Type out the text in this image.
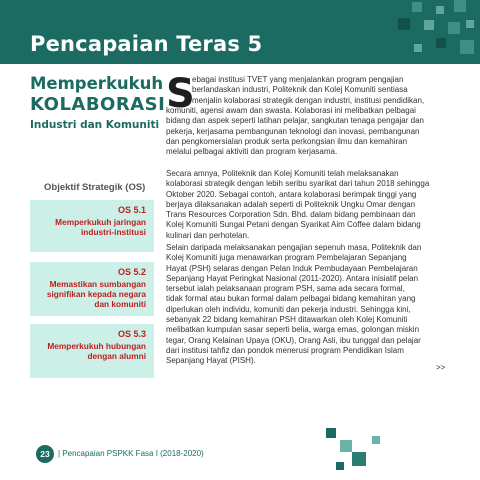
Pencapaian Teras 5
Memperkukuh
KOLABORASI
Industri dan Komuniti
Objektif Strategik (OS)
OS 5.1
Memperkukuh jaringan
industri-institusi
OS 5.2
Memastikan sumbangan
signifikan kepada negara
dan komuniti
OS 5.3
Memperkukuh hubungan
dengan alumni
S
ebagai institusi TVET yang menjalankan program pengajian
berlandaskan industri, Politeknik dan Kolej Komuniti sentiasa
menjalin kolaborasi strategik dengan industri, institusi pendidikan,
komuniti, agensi awam dan swasta. Kolaborasi ini melibatkan pelbagai
bidang dan aspek seperti latihan pelajar, sangkutan tenaga pengajar dan
pekerja, kerjasama pembangunan teknologi dan inovasi, pembangunan
dan pengkomersialan produk serta perkongsian ilmu dan kemahiran
melalui pelbagai aktiviti dan program kerjasama.
Secara amnya, Politeknik dan Kolej Komuniti telah melaksanakan
kolaborasi strategik dengan lebih seribu syarikat dari tahun 2018 sehingga
Oktober 2020. Sebagai contoh, antara kolaborasi berimpak tinggi yang
berjaya dilaksanakan adalah seperti di Politeknik Ungku Omar dengan
Trans Resources Corporation Sdn. Bhd. dalam bidang pembinaan dan
Kolej Komuniti Sungai Petani dengan Syarikat Aim Coffee dalam bidang
kulinari dan perhotelan.
Selain daripada melaksanakan pengajian sepenuh masa, Politeknik dan
Kolej Komuniti juga menawarkan program Pembelajaran Sepanjang
Hayat (PSH) selaras dengan Pelan Induk Pembudayaan Pembelajaran
Sepanjang Hayat Peringkat Nasional (2011-2020). Antara inisiatif pelan
tersebut ialah pelaksanaan program PSH, sama ada secara formal,
tidak formal atau bukan formal dalam pelbagai bidang kemahiran yang
diperlukan oleh individu, komuniti dan pekerja industri. Sehingga kini,
sebanyak 22 bidang kemahiran PSH ditawarkan oleh Kolej Komuniti
melibatkan kumpulan sasar seperti belia, warga emas, golongan miskin
tegar, Orang Kelainan Upaya (OKU), Orang Asli, ibu tunggal dan pelajar
dari institusi tahfiz dan pondok menerusi program Pendidikan Islam
Sepanjang Hayat (PISH).
>>
23	| Pencapaian PSPKK Fasa I (2018-2020)
